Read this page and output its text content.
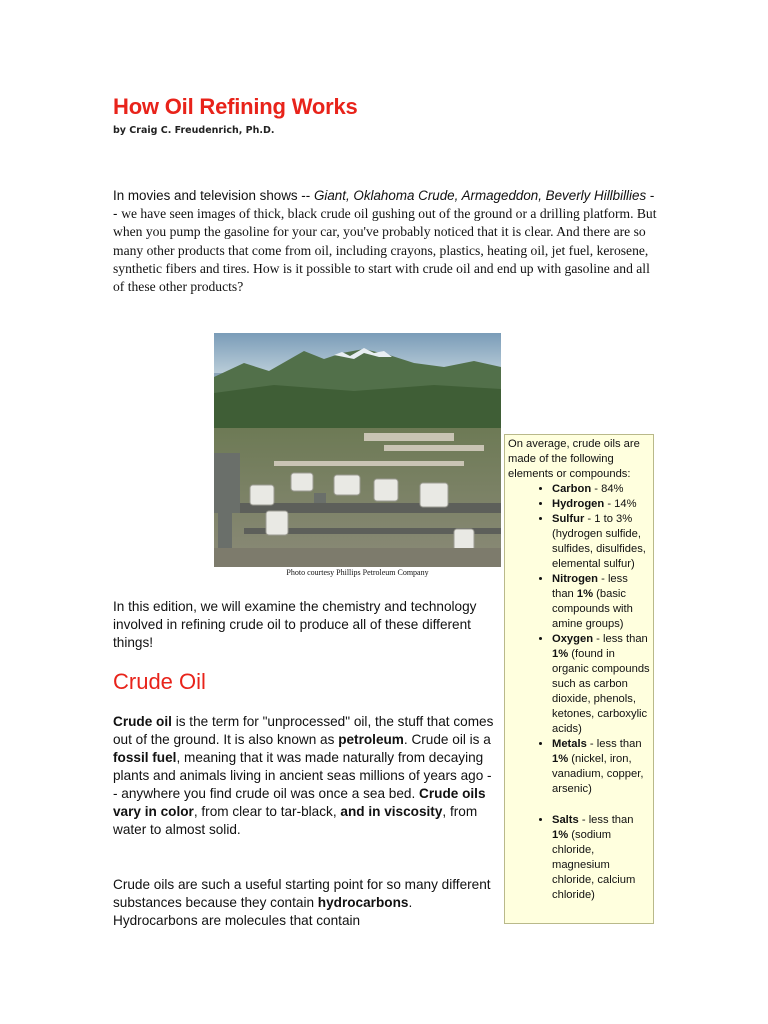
How Oil Refining Works
by Craig C. Freudenrich, Ph.D.

In movies and television shows -- Giant, Oklahoma Crude, Armageddon, Beverly Hillbillies -- we have seen images of thick, black crude oil gushing out of the ground or a drilling platform. But when you pump the gasoline for your car, you've probably noticed that it is clear. And there are so many other products that come from oil, including crayons, plastics, heating oil, jet fuel, kerosene, synthetic fibers and tires. How is it possible to start with crude oil and end up with gasoline and all of these other products?

Photo courtesy Phillips Petroleum Company

In this edition, we will examine the chemistry and technology involved in refining crude oil to produce all of these different things!

Crude Oil

Crude oil is the term for "unprocessed" oil, the stuff that comes out of the ground. It is also known as petroleum. Crude oil is a fossil fuel, meaning that it was made naturally from decaying plants and animals living in ancient seas millions of years ago -- anywhere you find crude oil was once a sea bed. Crude oils vary in color, from clear to tar-black, and in viscosity, from water to almost solid.

Crude oils are such a useful starting point for so many different substances because they contain hydrocarbons. Hydrocarbons are molecules that contain

On average, crude oils are made of the following elements or compounds:

• Carbon - 84%
• Hydrogen - 14%
• Sulfur - 1 to 3% (hydrogen sulfide, sulfides, disulfides, elemental sulfur)
• Nitrogen - less than 1% (basic compounds with amine groups)
• Oxygen - less than 1% (found in organic compounds such as carbon dioxide, phenols, ketones, carboxylic acids)
• Metals - less than 1% (nickel, iron, vanadium, copper, arsenic)
• Salts - less than 1% (sodium chloride, magnesium chloride, calcium chloride)
